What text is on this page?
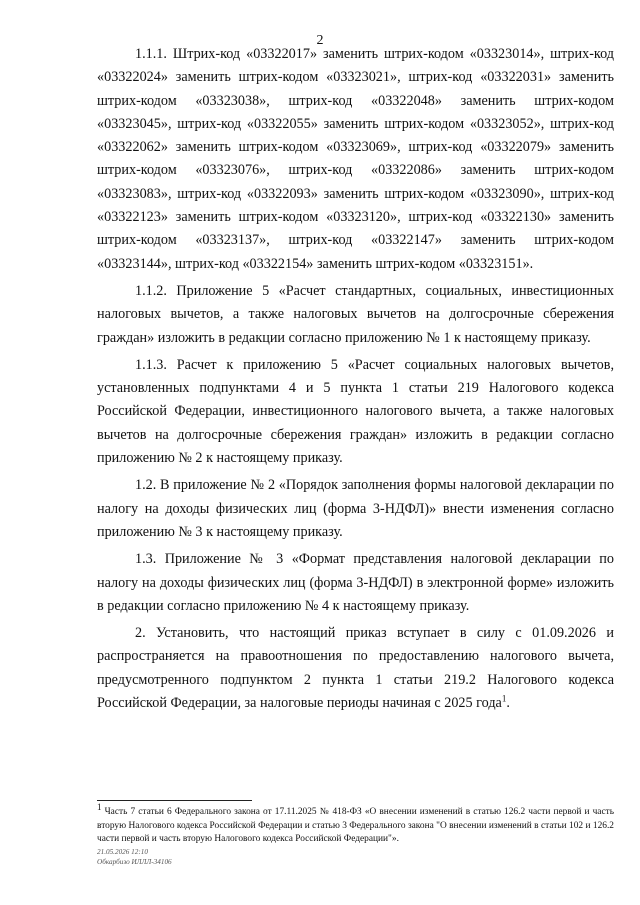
2

1.1.1. Штрих-код «03322017» заменить штрих-кодом «03323014», штрих-код «03322024» заменить штрих-кодом «03323021», штрих-код «03322031» заменить штрих-кодом «03323038», штрих-код «03322048» заменить штрих-кодом «03323045», штрих-код «03322055» заменить штрих-кодом «03323052», штрих-код «03322062» заменить штрих-кодом «03323069», штрих-код «03322079» заменить штрих-кодом «03323076», штрих-код «03322086» заменить штрих-кодом «03323083», штрих-код «03322093» заменить штрих-кодом «03323090», штрих-код «03322123» заменить штрих-кодом «03323120», штрих-код «03322130» заменить штрих-кодом «03323137», штрих-код «03322147» заменить штрих-кодом «03323144», штрих-код «03322154» заменить штрих-кодом «03323151».

1.1.2. Приложение 5 «Расчет стандартных, социальных, инвестиционных налоговых вычетов, а также налоговых вычетов на долгосрочные сбережения граждан» изложить в редакции согласно приложению № 1 к настоящему приказу.

1.1.3. Расчет к приложению 5 «Расчет социальных налоговых вычетов, установленных подпунктами 4 и 5 пункта 1 статьи 219 Налогового кодекса Российской Федерации, инвестиционного налогового вычета, а также налоговых вычетов на долгосрочные сбережения граждан» изложить в редакции согласно приложению № 2 к настоящему приказу.

1.2. В приложение № 2 «Порядок заполнения формы налоговой декларации по налогу на доходы физических лиц (форма 3-НДФЛ)» внести изменения согласно приложению № 3 к настоящему приказу.

1.3. Приложение № 3 «Формат представления налоговой декларации по налогу на доходы физических лиц (форма 3-НДФЛ) в электронной форме» изложить в редакции согласно приложению № 4 к настоящему приказу.

2. Установить, что настоящий приказ вступает в силу с 01.09.2026 и распространяется на правоотношения по предоставлению налогового вычета, предусмотренного подпунктом 2 пункта 1 статьи 219.2 Налогового кодекса Российской Федерации, за налоговые периоды начиная с 2025 года$^1$.

$^1$ Часть 7 статьи 6 Федерального закона от 17.11.2025 № 418-ФЗ «О внесении изменений в статью 126.2 части первой и часть вторую Налогового кодекса Российской Федерации и статью 3 Федерального закона "О внесении изменений в статьи 102 и 126.2 части первой и часть вторую Налогового кодекса Российской Федерации"».

21.05.2026 12:10
Обкарбизо ИЛЛЛ-34106
